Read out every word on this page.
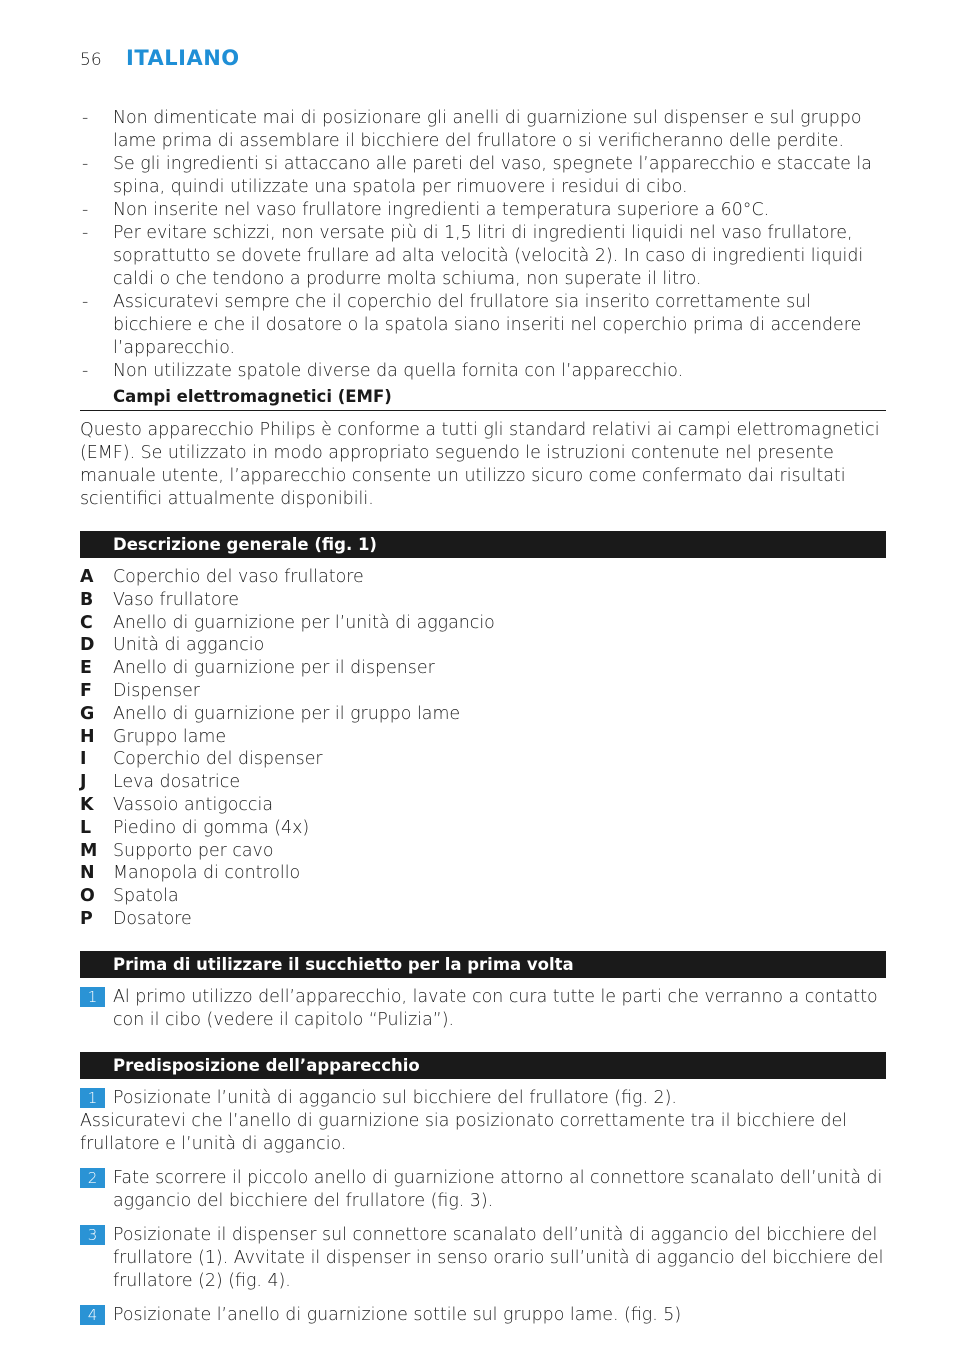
56 ITALIANO
- Non dimenticate mai di posizionare gli anelli di guarnizione sul dispenser e sul gruppo lame prima di assemblare il bicchiere del frullatore o si verificheranno delle perdite.
- Se gli ingredienti si attaccano alle pareti del vaso, spegnete l’apparecchio e staccate la spina, quindi utilizzate una spatola per rimuovere i residui di cibo.
- Non inserite nel vaso frullatore ingredienti a temperatura superiore a 60°C.
- Per evitare schizzi, non versate più di 1,5 litri di ingredienti liquidi nel vaso frullatore, soprattutto se dovete frullare ad alta velocità (velocità 2). In caso di ingredienti liquidi caldi o che tendono a produrre molta schiuma, non superate il litro.
- Assicuratevi sempre che il coperchio del frullatore sia inserito correttamente sul bicchiere e che il dosatore o la spatola siano inseriti nel coperchio prima di accendere l’apparecchio.
- Non utilizzate spatole diverse da quella fornita con l’apparecchio.
Campi elettromagnetici (EMF)
Questo apparecchio Philips è conforme a tutti gli standard relativi ai campi elettromagnetici (EMF). Se utilizzato in modo appropriato seguendo le istruzioni contenute nel presente manuale utente, l’apparecchio consente un utilizzo sicuro come confermato dai risultati scientifici attualmente disponibili.
Descrizione generale (fig. 1)
A Coperchio del vaso frullatore
B Vaso frullatore
C Anello di guarnizione per l’unità di aggancio
D Unità di aggancio
E Anello di guarnizione per il dispenser
F Dispenser
G Anello di guarnizione per il gruppo lame
H Gruppo lame
I Coperchio del dispenser
J Leva dosatrice
K Vassoio antigoccia
L Piedino di gomma (4x)
M Supporto per cavo
N Manopola di controllo
O Spatola
P Dosatore
Prima di utilizzare il succhietto per la prima volta
1 Al primo utilizzo dell’apparecchio, lavate con cura tutte le parti che verranno a contatto con il cibo (vedere il capitolo “Pulizia”).
Predisposizione dell’apparecchio
1 Posizionate l’unità di aggancio sul bicchiere del frullatore (fig. 2).
Assicuratevi che l’anello di guarnizione sia posizionato correttamente tra il bicchiere del frullatore e l’unità di aggancio.
2 Fate scorrere il piccolo anello di guarnizione attorno al connettore scanalato dell’unità di aggancio del bicchiere del frullatore (fig. 3).
3 Posizionate il dispenser sul connettore scanalato dell’unità di aggancio del bicchiere del frullatore (1). Avvitate il dispenser in senso orario sull’unità di aggancio del bicchiere del frullatore (2) (fig. 4).
4 Posizionate l’anello di guarnizione sottile sul gruppo lame. (fig. 5)
